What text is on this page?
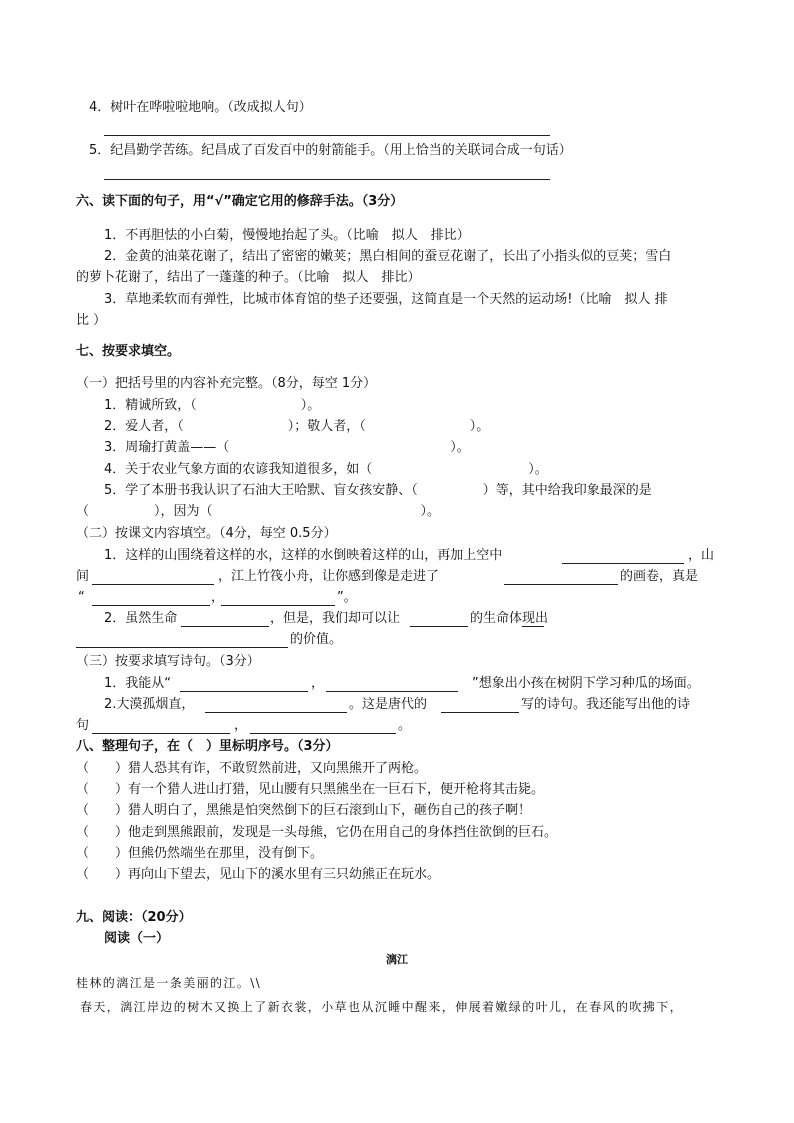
4．树叶在哗啦啦地响。（改成拟人句）
5．纪昌勤学苦练。纪昌成了百发百中的射箭能手。（用上恰当的关联词合成一句话）
六、读下面的句子，用“√”确定它用的修辞手法。（3分）
1．不再胆怯的小白菊，慢慢地抬起了头。（比喻　拟人　排比）
2．金黄的油菜花谢了，结出了密密的嫩荚；黑白相间的蚕豆花谢了，长出了小指头似的豆荚；雪白
的萝卜花谢了，结出了一蓬蓬的种子。（比喻　拟人　排比）
3．草地柔软而有弹性，比城市体育馆的垫子还要强，这简直是一个天然的运动场!（比喻　拟人 排
比 ）
七、按要求填空。
（一）把括号里的内容补充完整。（8分，每空 1分）
1．精诚所致，（　　　　　　　　）。
2．爱人者，（　　　　　　　　）；敬人者，（　　　　　　　　）。
3．周瑜打黄盖——（　　　　　　　　　　　　　　　　　）。
4．关于农业气象方面的农谚我知道很多，如（　　　　　　　　　　　　）。
5．学了本册书我认识了石油大王哈默、盲女孩安静、（　　　　　）等，其中给我印象最深的是
（　　　　　），因为（　　　　　　　　　　　　　　　　）。
（二）按课文内容填空。（4分，每空 0.5分）
1．这样的山围绕着这样的水，这样的水倒映着这样的山，再加上空中	，山
间	，江上竹筏小舟，让你感到像是走进了	的画卷，真是
“	，	”。
2．虽然生命	，但是，我们却可以让	的生命体现出
的价值。
（三）按要求填写诗句。（3分）
1．我能从“	，	”想象出小孩在树阴下学习种瓜的场面。
2.大漠孤烟直，	。这是唐代的	写的诗句。我还能写出他的诗
句	，	。
八、整理句子，在（　）里标明序号。（3分）
（　　）猎人恐其有诈，不敢贸然前进，又向黑熊开了两枪。
（　　）有一个猎人进山打猎，见山腰有只黑熊坐在一巨石下，便开枪将其击毙。
（　　）猎人明白了，黑熊是怕突然倒下的巨石滚到山下，砸伤自己的孩子啊！
（　　）他走到黑熊跟前，发现是一头母熊，它仍在用自己的身体挡住欲倒的巨石。
（　　）但熊仍然端坐在那里，没有倒下。
（　　）再向山下望去，见山下的溪水里有三只幼熊正在玩水。
九、阅读：（20分）
阅读（一）
漓江
桂林的漓江是一条美丽的江。\\
春天，漓江岸边的树木又换上了新衣裳，小草也从沉睡中醒来，伸展着嫩绿的叶儿，在春风的吹拂下，
